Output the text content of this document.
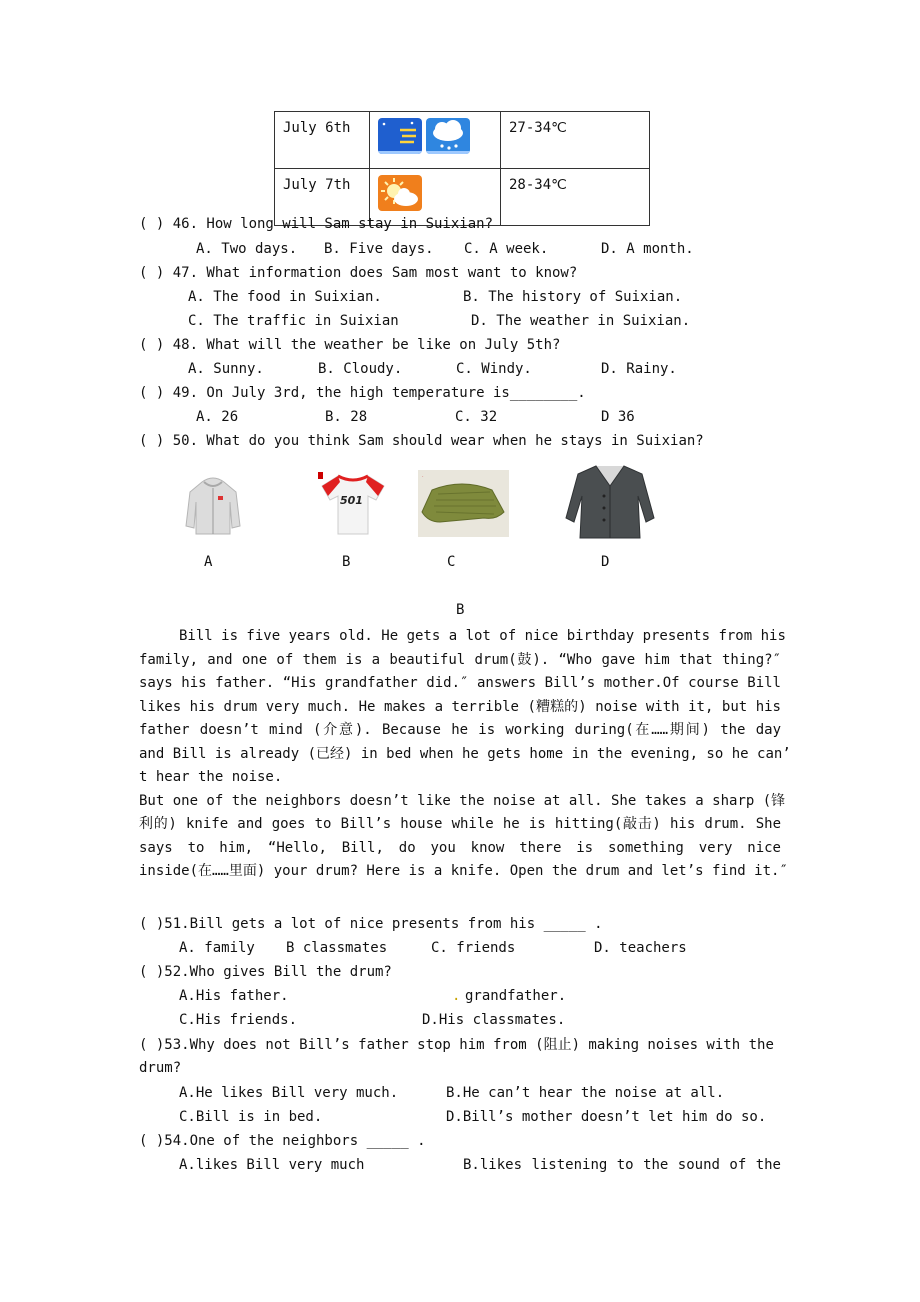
July 6th		27-34℃
July 7th		28-34℃
( ) 46. How long will Sam stay in Suixian?
A. Two days. B. Five days. C. A week.	D. A month.
( ) 47. What information does Sam most want to know?
A. The food in Suixian.	B. The history of Suixian.
C. The traffic in Suixian	D. The weather in Suixian.
( ) 48. What will the weather be like on July 5th?
A. Sunny.	B. Cloudy.	C. Windy.	D. Rainy.
( ) 49. On July 3rd, the high temperature is________.
A. 26	B. 28	C. 32	D 36
( ) 50. What do you think Sam should wear when he stays in Suixian?
501
·
A	B	C	D
B
Bill is five years old. He gets a lot of nice birthday presents from his
family, and one of them is a beautiful drum(鼓). “Who gave him that thing?″
says his father. “His grandfather did.″ answers Bill’s mother.Of course Bill
likes his drum very much. He makes a terrible (糟糕的) noise with it, but his
father doesn’t mind (介意). Because he is working during(在……期间) the day
and Bill is already (已经) in bed when he gets home in the evening, so he can’
t hear the noise.
But one of the neighbors doesn’t like the noise at all. She takes a sharp (锋
利的) knife and goes to Bill’s house while he is hitting(敲击) his drum. She
says to him, “Hello, Bill, do you know there is something very nice
inside(在……里面) your drum? Here is a knife. Open the drum and let’s find it.″
( )51.Bill gets a lot of nice presents from his _____ .
A. family B classmates	C. friends	D. teachers
( )52.Who gives Bill the drum?
A.His father.	. grandfather.
C.His friends.	D.His classmates.
( )53.Why does not Bill’s father stop him from (阻止) making noises with the
drum?
A.He likes Bill very much.	B.He can’t hear the noise at all.
C.Bill is in bed.	D.Bill’s mother doesn’t let him do so.
( )54.One of the neighbors _____ .
A.likes Bill very much	B.likes listening to the sound of the
